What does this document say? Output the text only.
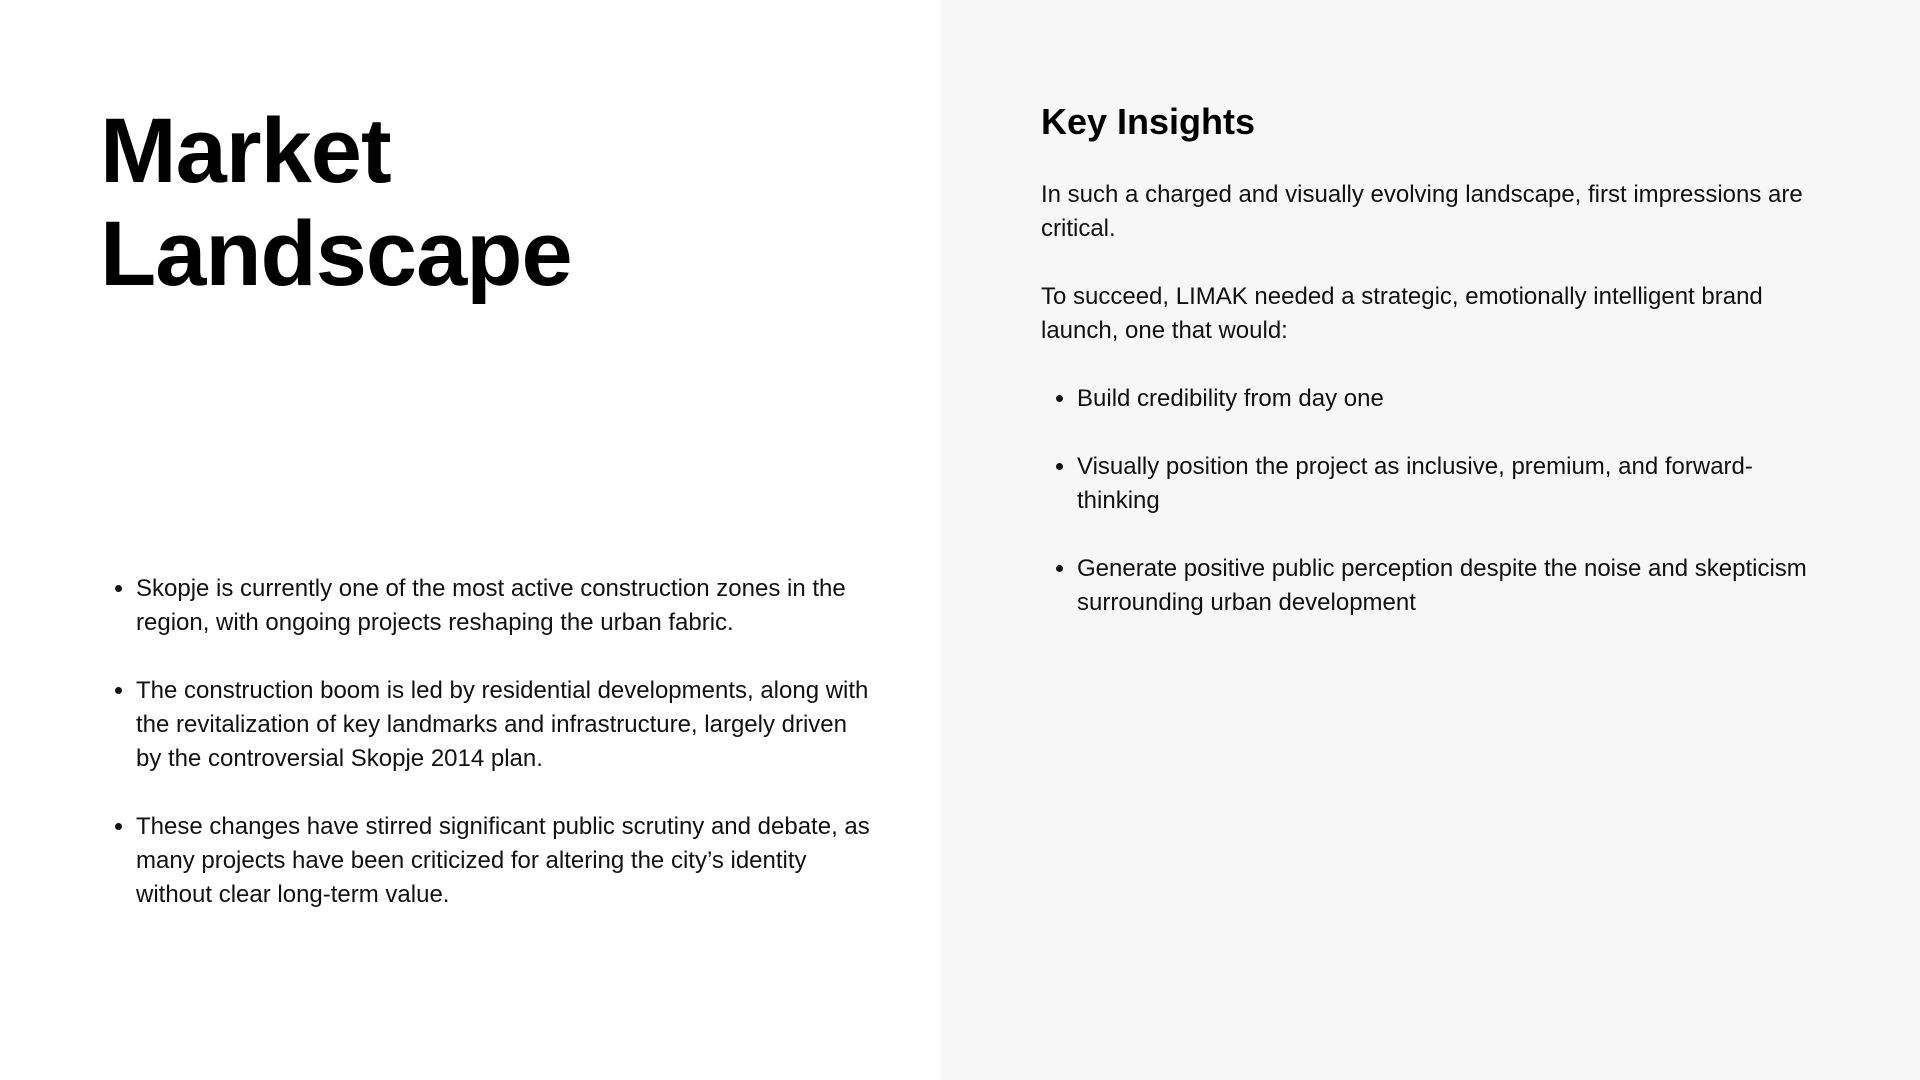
Market
Landscape
• Skopje is currently one of the most active construction zones in the region, with ongoing projects reshaping the urban fabric.
• The construction boom is led by residential developments, along with the revitalization of key landmarks and infrastructure, largely driven by the controversial Skopje 2014 plan.
• These changes have stirred significant public scrutiny and debate, as many projects have been criticized for altering the city’s identity without clear long-term value.
Key Insights

In such a charged and visually evolving landscape, first impressions are critical.

To succeed, LIMAK needed a strategic, emotionally intelligent brand launch, one that would:

• Build credibility from day one
• Visually position the project as inclusive, premium, and forward-thinking
• Generate positive public perception despite the noise and skepticism surrounding urban development
